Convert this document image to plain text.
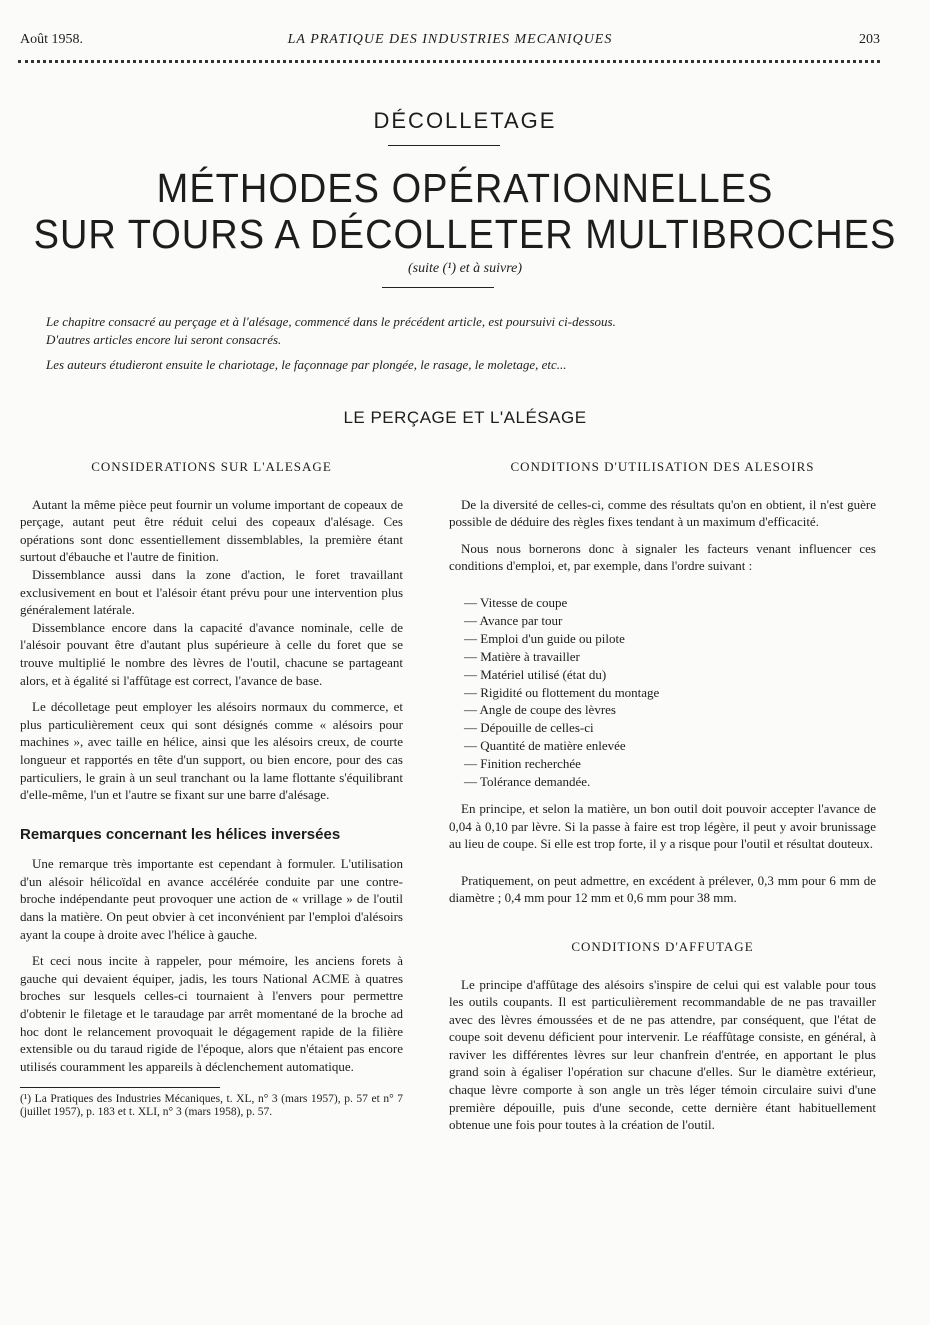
Août 1958.	LA PRATIQUE DES INDUSTRIES MECANIQUES	203
DÉCOLLETAGE
MÉTHODES OPÉRATIONNELLES
SUR TOURS A DÉCOLLETER MULTIBROCHES
(suite (¹) et à suivre)
Le chapitre consacré au perçage et à l'alésage, commencé dans le précédent article, est poursuivi ci-dessous.
D'autres articles encore lui seront consacrés.
Les auteurs étudieront ensuite le chariotage, le façonnage par plongée, le rasage, le moletage, etc...
LE PERÇAGE ET L'ALÉSAGE
CONSIDERATIONS SUR L'ALESAGE

Autant la même pièce peut fournir un volume important de copeaux de perçage, autant peut être réduit celui des copeaux d'alésage. Ces opérations sont donc essentiellement dissemblables, la première étant surtout d'ébauche et l'autre de finition.

Dissemblance aussi dans la zone d'action, le foret travaillant exclusivement en bout et l'alésoir étant prévu pour une intervention plus généralement latérale.

Dissemblance encore dans la capacité d'avance nominale, celle de l'alésoir pouvant être d'autant plus supérieure à celle du foret que se trouve multiplié le nombre des lèvres de l'outil, chacune se partageant alors, et à égalité si l'affûtage est correct, l'avance de base.

Le décolletage peut employer les alésoirs normaux du commerce, et plus particulièrement ceux qui sont désignés comme « alésoirs pour machines », avec taille en hélice, ainsi que les alésoirs creux, de courte longueur et rapportés en tête d'un support, ou bien encore, pour des cas particuliers, le grain à un seul tranchant ou la lame flottante s'équilibrant d'elle-même, l'un et l'autre se fixant sur une barre d'alésage.

Remarques concernant les hélices inversées

Une remarque très importante est cependant à formuler. L'utilisation d'un alésoir hélicoïdal en avance accélérée conduite par une contre-broche indépendante peut provoquer une action de « vrillage » de l'outil dans la matière. On peut obvier à cet inconvénient par l'emploi d'alésoirs ayant la coupe à droite avec l'hélice à gauche.

Et ceci nous incite à rappeler, pour mémoire, les anciens forets à gauche qui devaient équiper, jadis, les tours National ACME à quatres broches sur lesquels celles-ci tournaient à l'envers pour permettre d'obtenir le filetage et le taraudage par arrêt momentané de la broche ad hoc dont le relancement provoquait le dégagement rapide de la filière extensible ou du taraud rigide de l'époque, alors que n'étaient pas encore utilisés couramment les appareils à déclenchement automatique.

(¹) La Pratiques des Industries Mécaniques, t. XL, n° 3 (mars 1957), p. 57 et n° 7 (juillet 1957), p. 183 et t. XLI, n° 3 (mars 1958), p. 57.
CONDITIONS D'UTILISATION DES ALESOIRS

De la diversité de celles-ci, comme des résultats qu'on en obtient, il n'est guère possible de déduire des règles fixes tendant à un maximum d'efficacité.

Nous nous bornerons donc à signaler les facteurs venant influencer ces conditions d'emploi, et, par exemple, dans l'ordre suivant :

— Vitesse de coupe
— Avance par tour
— Emploi d'un guide ou pilote
— Matière à travailler
— Matériel utilisé (état du)
— Rigidité ou flottement du montage
— Angle de coupe des lèvres
— Dépouille de celles-ci
— Quantité de matière enlevée
— Finition recherchée
— Tolérance demandée.

En principe, et selon la matière, un bon outil doit pouvoir accepter l'avance de 0,04 à 0,10 par lèvre. Si la passe à faire est trop légère, il peut y avoir brunissage au lieu de coupe. Si elle est trop forte, il y a risque pour l'outil et résultat douteux.

Pratiquement, on peut admettre, en excédent à prélever, 0,3 mm pour 6 mm de diamètre ; 0,4 mm pour 12 mm et 0,6 mm pour 38 mm.

CONDITIONS D'AFFUTAGE

Le principe d'affûtage des alésoirs s'inspire de celui qui est valable pour tous les outils coupants. Il est particulièrement recommandable de ne pas travailler avec des lèvres émoussées et de ne pas attendre, par conséquent, que l'état de coupe soit devenu déficient pour intervenir. Le réaffûtage consiste, en général, à raviver les différentes lèvres sur leur chanfrein d'entrée, en apportant le plus grand soin à égaliser l'opération sur chacune d'elles. Sur le diamètre extérieur, chaque lèvre comporte à son angle un très léger témoin circulaire suivi d'une première dépouille, puis d'une seconde, cette dernière étant habituellement obtenue une fois pour toutes à la création de l'outil.
